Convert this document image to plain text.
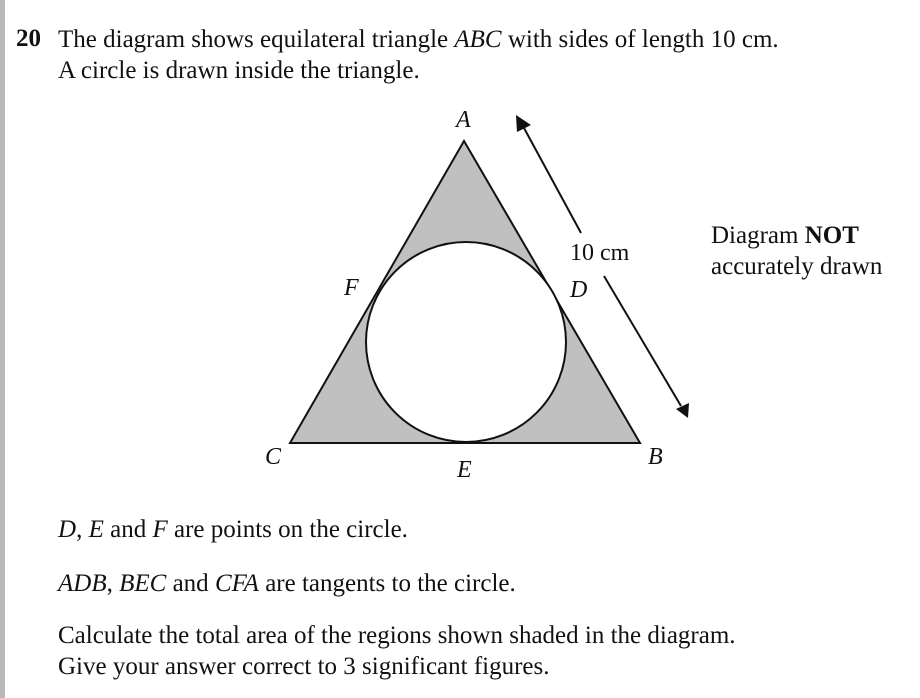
20 The diagram shows equilateral triangle ABC with sides of length 10 cm.
A circle is drawn inside the triangle.
A
B
C
D
E
F
10 cm
Diagram NOT
accurately drawn
D, E and F are points on the circle.
ADB, BEC and CFA are tangents to the circle.
Calculate the total area of the regions shown shaded in the diagram.
Give your answer correct to 3 significant figures.
